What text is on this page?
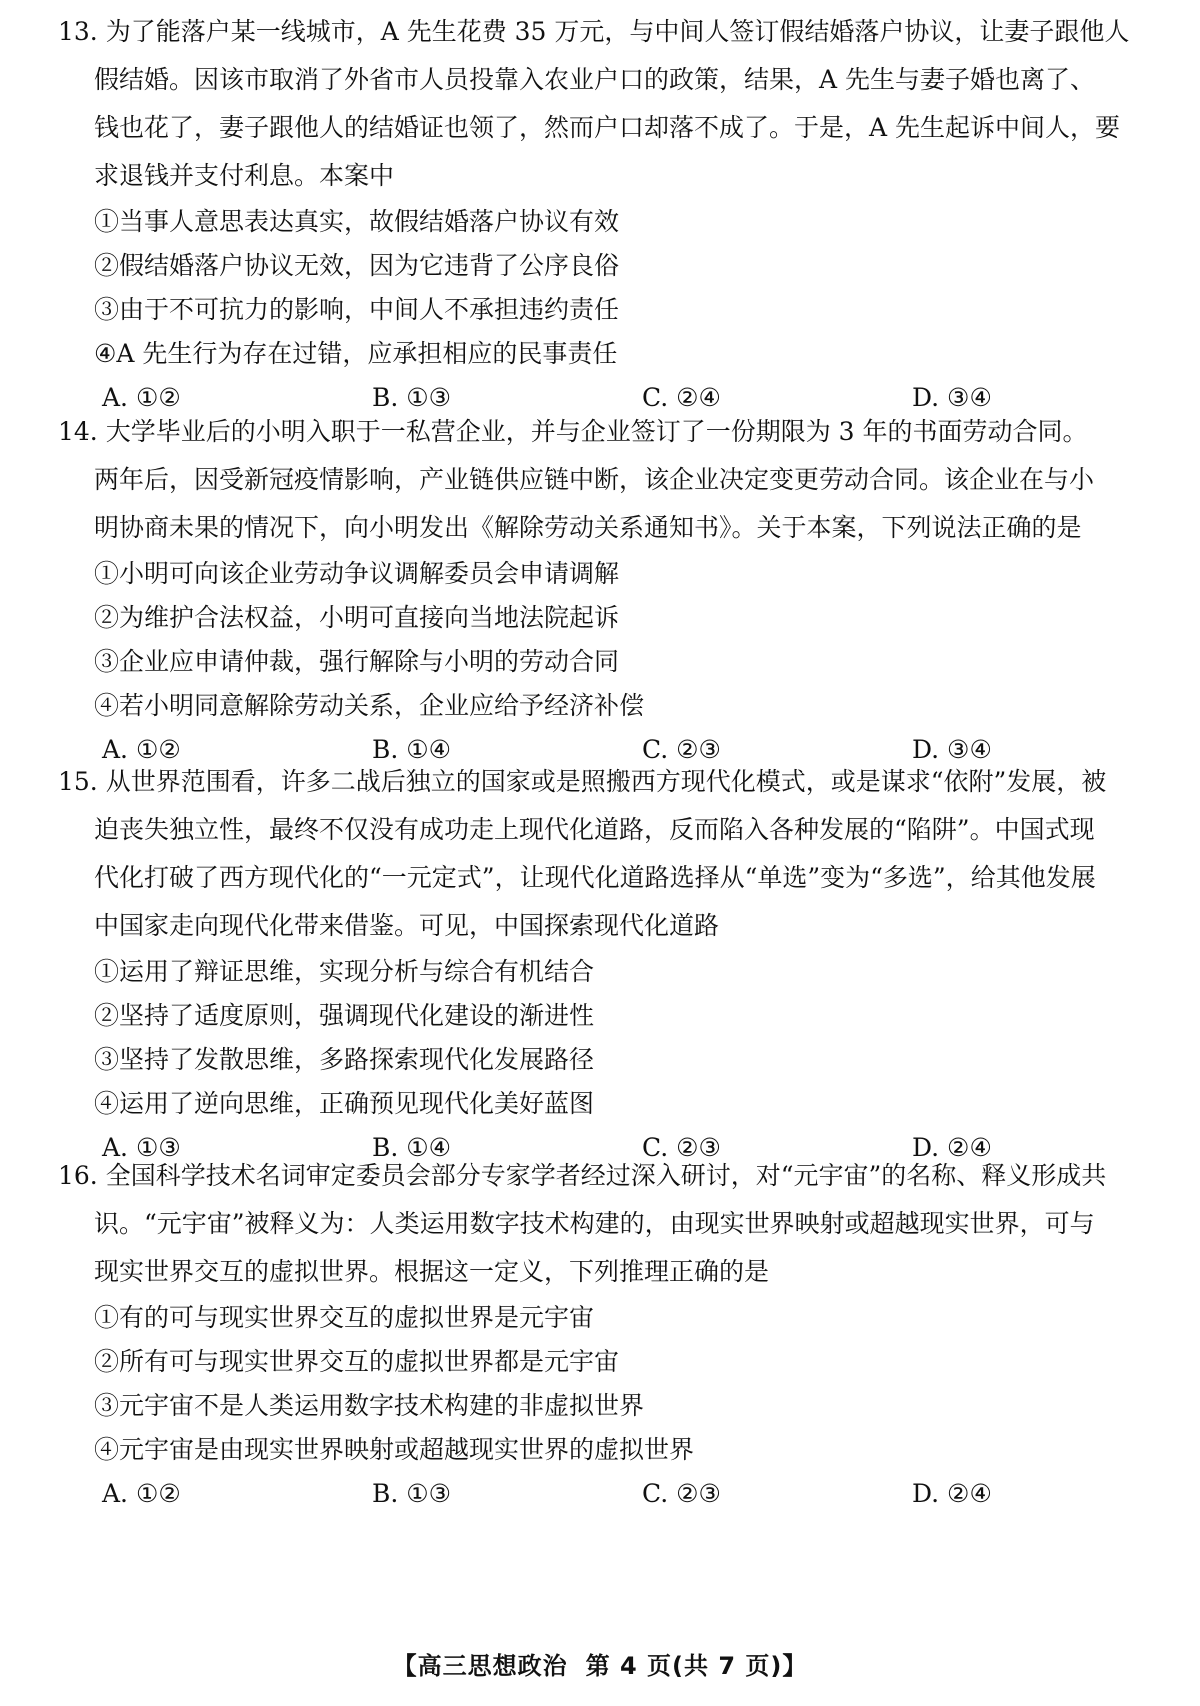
13. 为了能落户某一线城市，A 先生花费 35 万元，与中间人签订假结婚落户协议，让妻子跟他人
假结婚。因该市取消了外省市人员投靠入农业户口的政策，结果，A 先生与妻子婚也离了、
钱也花了，妻子跟他人的结婚证也领了，然而户口却落不成了。于是，A 先生起诉中间人，要
求退钱并支付利息。本案中
①当事人意思表达真实，故假结婚落户协议有效
②假结婚落户协议无效，因为它违背了公序良俗
③由于不可抗力的影响，中间人不承担违约责任
④A 先生行为存在过错，应承担相应的民事责任
A. ①②	B. ①③	C. ②④	D. ③④
14. 大学毕业后的小明入职于一私营企业，并与企业签订了一份期限为 3 年的书面劳动合同。
两年后，因受新冠疫情影响，产业链供应链中断，该企业决定变更劳动合同。该企业在与小
明协商未果的情况下，向小明发出《解除劳动关系通知书》。关于本案，下列说法正确的是
①小明可向该企业劳动争议调解委员会申请调解
②为维护合法权益，小明可直接向当地法院起诉
③企业应申请仲裁，强行解除与小明的劳动合同
④若小明同意解除劳动关系，企业应给予经济补偿
A. ①②	B. ①④	C. ②③	D. ③④
15. 从世界范围看，许多二战后独立的国家或是照搬西方现代化模式，或是谋求“依附”发展，被
迫丧失独立性，最终不仅没有成功走上现代化道路，反而陷入各种发展的“陷阱”。中国式现
代化打破了西方现代化的“一元定式”，让现代化道路选择从“单选”变为“多选”，给其他发展
中国家走向现代化带来借鉴。可见，中国探索现代化道路
①运用了辩证思维，实现分析与综合有机结合
②坚持了适度原则，强调现代化建设的渐进性
③坚持了发散思维，多路探索现代化发展路径
④运用了逆向思维，正确预见现代化美好蓝图
A. ①③	B. ①④	C. ②③	D. ②④
16. 全国科学技术名词审定委员会部分专家学者经过深入研讨，对“元宇宙”的名称、释义形成共
识。“元宇宙”被释义为：人类运用数字技术构建的，由现实世界映射或超越现实世界，可与
现实世界交互的虚拟世界。根据这一定义，下列推理正确的是
①有的可与现实世界交互的虚拟世界是元宇宙
②所有可与现实世界交互的虚拟世界都是元宇宙
③元宇宙不是人类运用数字技术构建的非虚拟世界
④元宇宙是由现实世界映射或超越现实世界的虚拟世界
A. ①②	B. ①③	C. ②③	D. ②④
【高三思想政治 第 4 页(共 7 页)】
